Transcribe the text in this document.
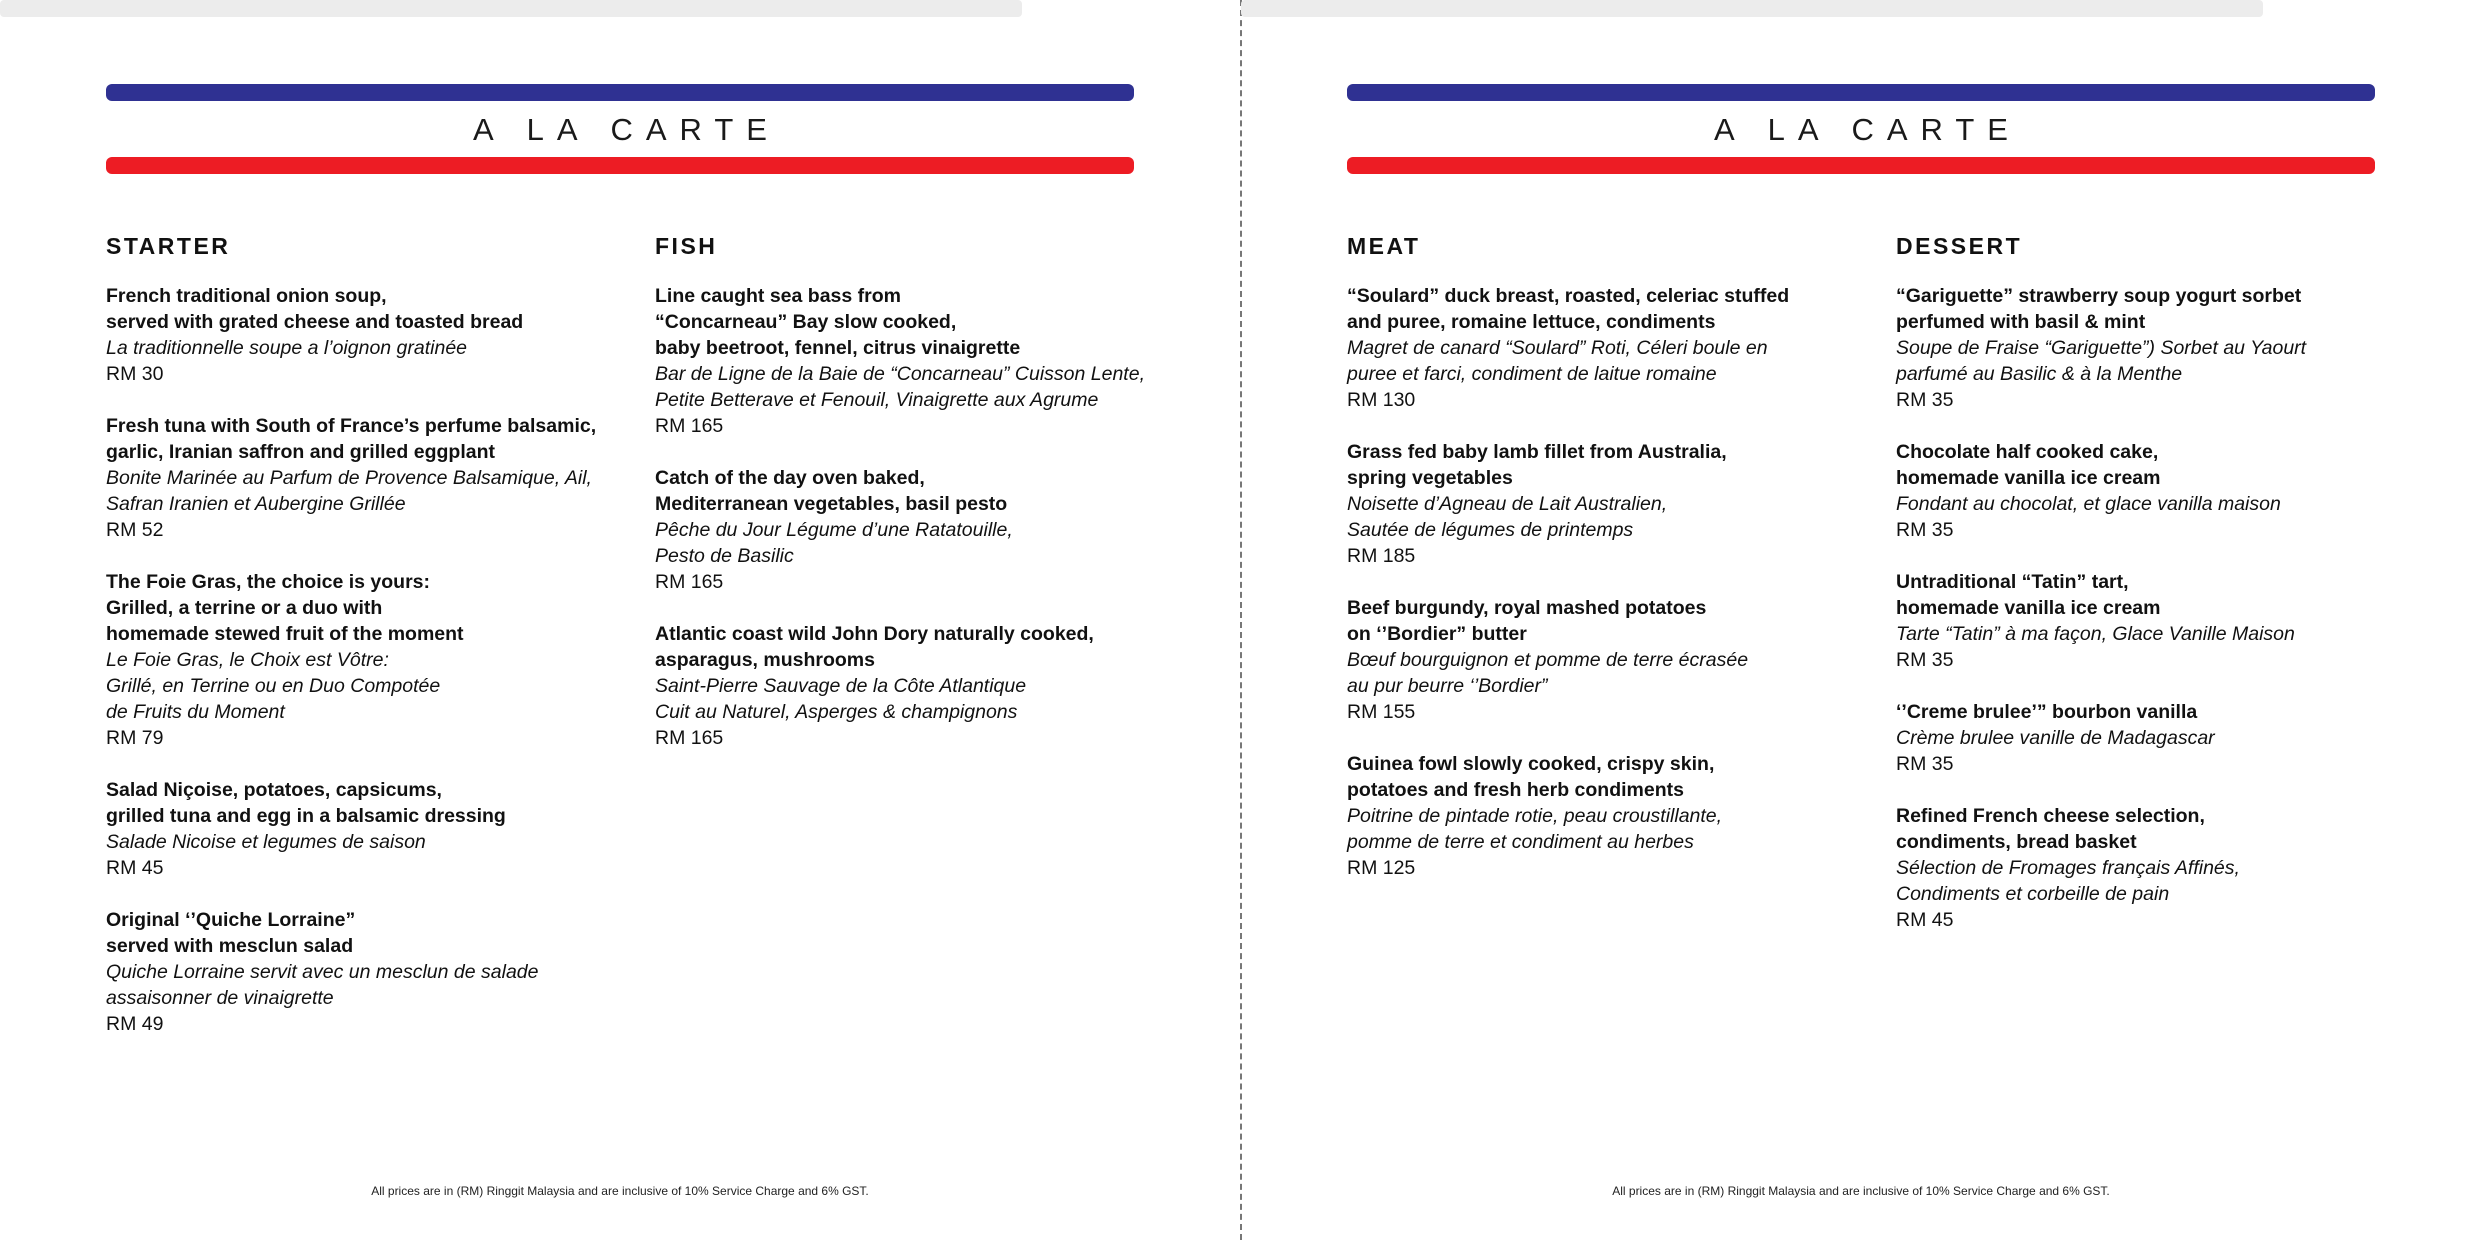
A LA CARTE
STARTER
French traditional onion soup,
served with grated cheese and toasted bread
La traditionnelle soupe a l’oignon gratinée
RM 30
Fresh tuna with South of France’s perfume balsamic,
garlic, Iranian saffron and grilled eggplant
Bonite Marinée au Parfum de Provence Balsamique, Ail,
Safran Iranien et Aubergine Grillée
RM 52
The Foie Gras, the choice is yours:
Grilled, a terrine or a duo with
homemade stewed fruit of the moment
Le Foie Gras, le Choix est Vôtre:
Grillé, en Terrine ou en Duo Compotée
de Fruits du Moment
RM 79
Salad Niçoise, potatoes, capsicums,
grilled tuna and egg in a balsamic dressing
Salade Nicoise et legumes de saison
RM 45
Original ‘’Quiche Lorraine”
served with mesclun salad
Quiche Lorraine servit avec un mesclun de salade
assaisonner de vinaigrette
RM 49
FISH
Line caught sea bass from
“Concarneau” Bay slow cooked,
baby beetroot, fennel, citrus vinaigrette
Bar de Ligne de la Baie de “Concarneau” Cuisson Lente,
Petite Betterave et Fenouil, Vinaigrette aux Agrume
RM 165
Catch of the day oven baked,
Mediterranean vegetables, basil pesto
Pêche du Jour Légume d’une Ratatouille,
Pesto de Basilic
RM 165
Atlantic coast wild John Dory naturally cooked,
asparagus, mushrooms
Saint-Pierre Sauvage de la Côte Atlantique
Cuit au Naturel, Asperges & champignons
RM 165
All prices are in (RM) Ringgit Malaysia and are inclusive of 10% Service Charge and 6% GST.
A LA CARTE
MEAT
“Soulard” duck breast, roasted, celeriac stuffed
and puree, romaine lettuce, condiments
Magret de canard “Soulard” Roti, Céleri boule en
puree et farci, condiment de laitue romaine
RM 130
Grass fed baby lamb fillet from Australia,
spring vegetables
Noisette d’Agneau de Lait Australien,
Sautée de légumes de printemps
RM 185
Beef burgundy, royal mashed potatoes
on ‘’Bordier” butter
Bœuf bourguignon et pomme de terre écrasée
au pur beurre ‘’Bordier”
RM 155
Guinea fowl slowly cooked, crispy skin,
potatoes and fresh herb condiments
Poitrine de pintade rotie, peau croustillante,
pomme de terre et condiment au herbes
RM 125
DESSERT
“Gariguette” strawberry soup yogurt sorbet
perfumed with basil & mint
Soupe de Fraise “Gariguette”) Sorbet au Yaourt
parfumé au Basilic & à la Menthe
RM 35
Chocolate half cooked cake,
homemade vanilla ice cream
Fondant au chocolat, et glace vanilla maison
RM 35
Untraditional “Tatin” tart,
homemade vanilla ice cream
Tarte “Tatin” à ma façon, Glace Vanille Maison
RM 35
‘’Creme brulee’” bourbon vanilla
Crème brulee vanille de Madagascar
RM 35
Refined French cheese selection,
condiments, bread basket
Sélection de Fromages français Affinés,
Condiments et corbeille de pain
RM 45
All prices are in (RM) Ringgit Malaysia and are inclusive of 10% Service Charge and 6% GST.
